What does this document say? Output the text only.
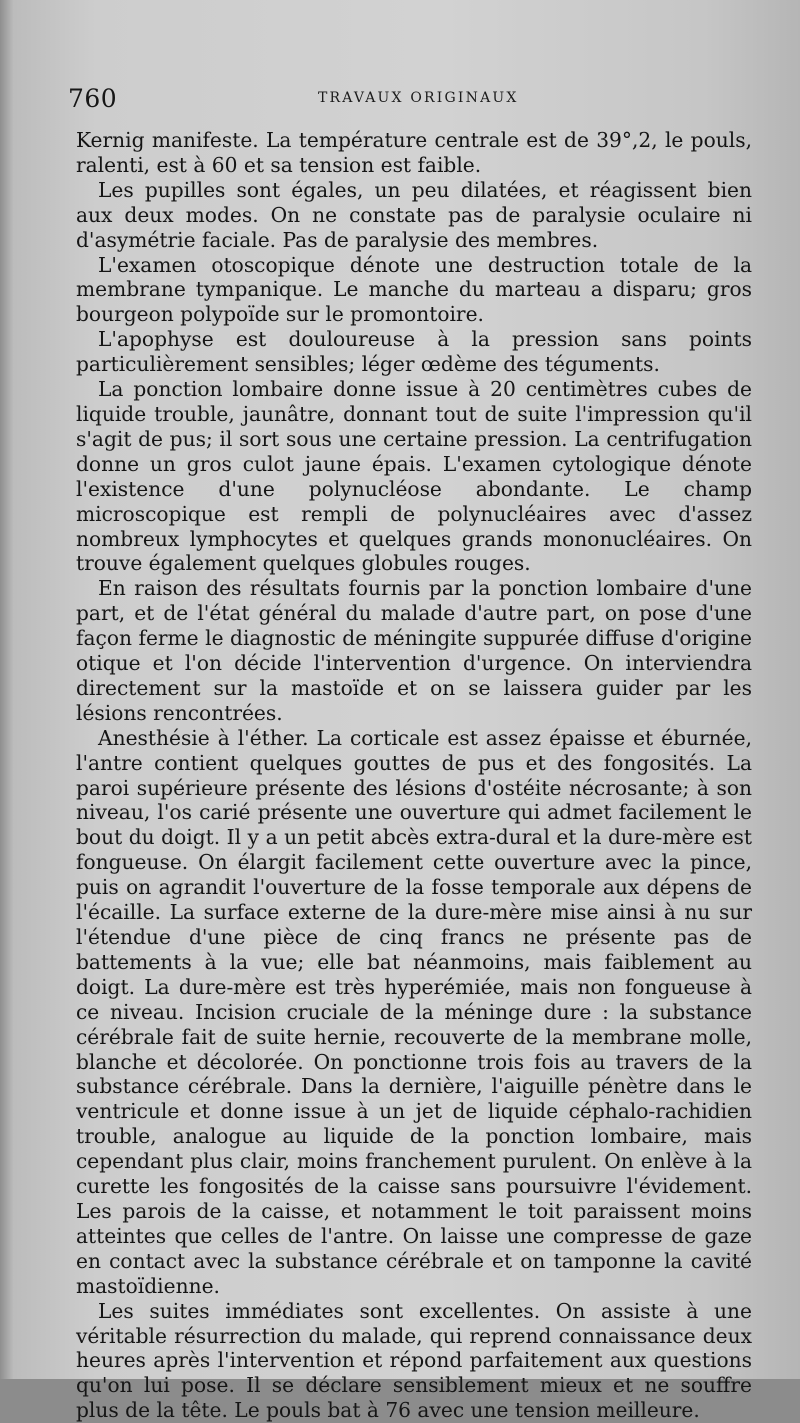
760	TRAVAUX ORIGINAUX

Kernig manifeste. La température centrale est de 39°,2, le pouls, ralenti, est à 60 et sa tension est faible.

Les pupilles sont égales, un peu dilatées, et réagissent bien aux deux modes. On ne constate pas de paralysie oculaire ni d'asymétrie faciale. Pas de paralysie des membres.

L'examen otoscopique dénote une destruction totale de la membrane tympanique. Le manche du marteau a disparu; gros bourgeon polypoïde sur le promontoire.

L'apophyse est douloureuse à la pression sans points particulièrement sensibles; léger œdème des téguments.

La ponction lombaire donne issue à 20 centimètres cubes de liquide trouble, jaunâtre, donnant tout de suite l'impression qu'il s'agit de pus; il sort sous une certaine pression. La centrifugation donne un gros culot jaune épais. L'examen cytologique dénote l'existence d'une polynucléose abondante. Le champ microscopique est rempli de polynucléaires avec d'assez nombreux lymphocytes et quelques grands mononucléaires. On trouve également quelques globules rouges.

En raison des résultats fournis par la ponction lombaire d'une part, et de l'état général du malade d'autre part, on pose d'une façon ferme le diagnostic de méningite suppurée diffuse d'origine otique et l'on décide l'intervention d'urgence. On interviendra directement sur la mastoïde et on se laissera guider par les lésions rencontrées.

Anesthésie à l'éther. La corticale est assez épaisse et éburnée, l'antre contient quelques gouttes de pus et des fongosités. La paroi supérieure présente des lésions d'ostéite nécrosante; à son niveau, l'os carié présente une ouverture qui admet facilement le bout du doigt. Il y a un petit abcès extra-dural et la dure-mère est fongueuse. On élargit facilement cette ouverture avec la pince, puis on agrandit l'ouverture de la fosse temporale aux dépens de l'écaille. La surface externe de la dure-mère mise ainsi à nu sur l'étendue d'une pièce de cinq francs ne présente pas de battements à la vue; elle bat néanmoins, mais faiblement au doigt. La dure-mère est très hyperémiée, mais non fongueuse à ce niveau. Incision cruciale de la méninge dure : la substance cérébrale fait de suite hernie, recouverte de la membrane molle, blanche et décolorée. On ponctionne trois fois au travers de la substance cérébrale. Dans la dernière, l'aiguille pénètre dans le ventricule et donne issue à un jet de liquide céphalo-rachidien trouble, analogue au liquide de la ponction lombaire, mais cependant plus clair, moins franchement purulent. On enlève à la curette les fongosités de la caisse sans poursuivre l'évidement. Les parois de la caisse, et notamment le toit paraissent moins atteintes que celles de l'antre. On laisse une compresse de gaze en contact avec la substance cérébrale et on tamponne la cavité mastoïdienne.

Les suites immédiates sont excellentes. On assiste à une véritable résurrection du malade, qui reprend connaissance deux heures après l'intervention et répond parfaitement aux questions qu'on lui pose. Il se déclare sensiblement mieux et ne souffre plus de la tête. Le pouls bat à 76 avec une tension meilleure.
